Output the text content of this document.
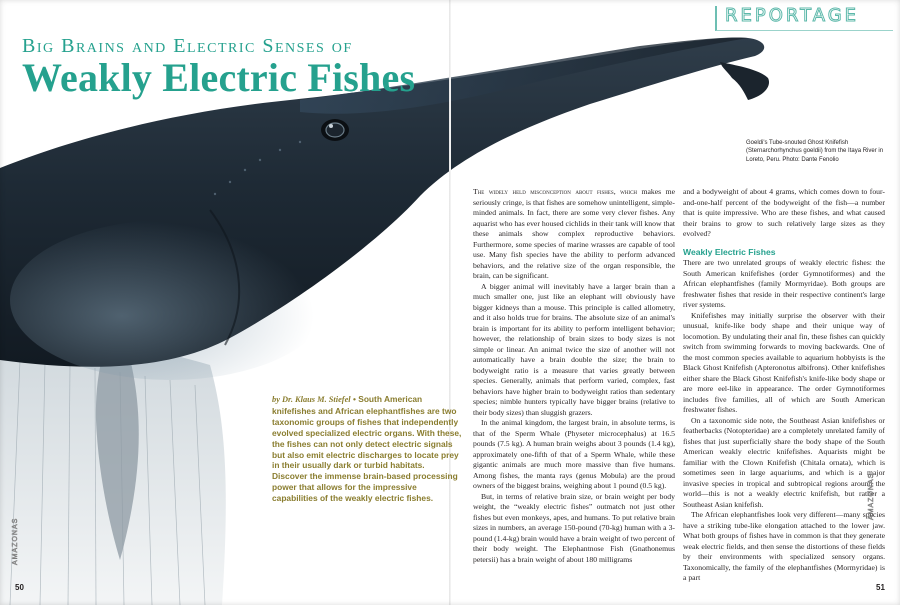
REPORTAGE
Big Brains and Electric Senses of
Weakly Electric Fishes
Goeldi's Tube-snouted Ghost Knifefish (Sternarchorhynchus goeldii) from the Itaya River in Loreto, Peru. Photo: Dante Fenolio
by Dr. Klaus M. Stiefel • South American knifefishes and African elephantfishes are two taxonomic groups of fishes that independently evolved specialized electric organs. With these, the fishes can not only detect electric signals but also emit electric discharges to locate prey in their usually dark or turbid habitats. Discover the immense brain-based processing power that allows for the impressive capabilities of the weakly electric fishes.

The widely held misconception about fishes, which makes me seriously cringe, is that fishes are somehow unintelligent, simple-minded animals. In fact, there are some very clever fishes. Any aquarist who has ever housed cichlids in their tank will know that these animals show complex reproductive behaviors. Furthermore, some species of marine wrasses are capable of tool use. Many fish species have the ability to perform advanced behaviors, and the relative size of the organ responsible, the brain, can be significant.

A bigger animal will inevitably have a larger brain than a much smaller one, just like an elephant will obviously have bigger kidneys than a mouse. This principle is called allometry, and it also holds true for brains. The absolute size of an animal's brain is important for its ability to perform intelligent behavior; however, the relationship of brain sizes to body sizes is not simple or linear. An animal twice the size of another will not automatically have a brain double the size; the brain to bodyweight ratio is a measure that varies greatly between species. Generally, animals that perform varied, complex, fast behaviors have higher brain to bodyweight ratios than sedentary species; nimble hunters typically have bigger brains (relative to their body sizes) than sluggish grazers.

In the animal kingdom, the largest brain, in absolute terms, is that of the Sperm Whale (Physeter microcephalus) at 16.5 pounds (7.5 kg). A human brain weighs about 3 pounds (1.4 kg), approximately one-fifth of that of a Sperm Whale, while these gigantic animals are much more massive than five humans. Among fishes, the manta rays (genus Mobula) are the proud owners of the biggest brains, weighing about 1 pound (0.5 kg).

But, in terms of relative brain size, or brain weight per body weight, the “weakly electric fishes” outmatch not just other fishes but even monkeys, apes, and humans. To put relative brain sizes in numbers, an average 150-pound (70-kg) human with a 3-pound (1.4-kg) brain would have a brain weight of two percent of their body weight. The Elephantnose Fish (Gnathonemus petersii) has a brain weight of about 180 milligrams

and a bodyweight of about 4 grams, which comes down to four-and-one-half percent of the bodyweight of the fish—a number that is quite impressive. Who are these fishes, and what caused their brains to grow to such relatively large sizes as they evolved?

Weakly Electric Fishes

There are two unrelated groups of weakly electric fishes: the South American knifefishes (order Gymnotiformes) and the African elephantfishes (family Mormyridae). Both groups are freshwater fishes that reside in their respective continent's large river systems.

Knifefishes may initially surprise the observer with their unusual, knife-like body shape and their unique way of locomotion. By undulating their anal fin, these fishes can quickly switch from swimming forwards to moving backwards. One of the most common species available to aquarium hobbyists is the Black Ghost Knifefish (Apteronotus albifrons). Other knifefishes either share the Black Ghost Knifefish's knife-like body shape or are more eel-like in appearance. The order Gymnotiformes includes five families, all of which are South American freshwater fishes.

On a taxonomic side note, the Southeast Asian knifefishes or featherbacks (Notopteridae) are a completely unrelated family of fishes that just superficially share the body shape of the South American weakly electric knifefishes. Aquarists might be familiar with the Clown Knifefish (Chitala ornata), which is sometimes seen in large aquariums, and which is a major invasive species in tropical and subtropical regions around the world—this is not a weakly electric knifefish, but rather a Southeast Asian knifefish.

The African elephantfishes look very different—many species have a striking tube-like elongation attached to the lower jaw. What both groups of fishes have in common is that they generate weak electric fields, and then sense the distortions of these fields by their environments with specialized sensory organs. Taxonomically, the family of the elephantfishes (Mormyridae) is a part

AMAZONAS
AMAZONAS
50	51
